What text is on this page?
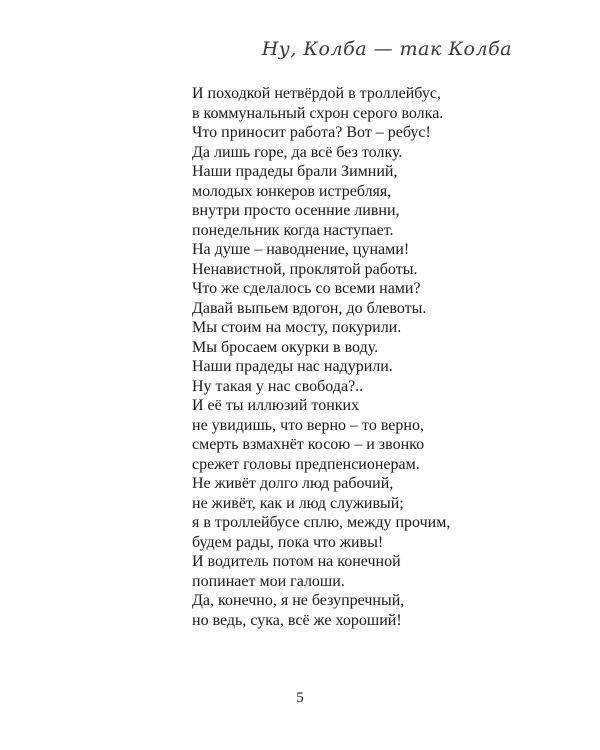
Ну, Колба — так Колба
И походкой нетвёрдой в троллейбус,
в коммунальный схрон серого волка.
Что приносит работа? Вот – ребус!
Да лишь горе, да всё без толку.
Наши прадеды брали Зимний,
молодых юнкеров истребляя,
внутри просто осенние ливни,
понедельник когда наступает.
На душе – наводнение, цунами!
Ненавистной, проклятой работы.
Что же сделалось со всеми нами?
Давай выпьем вдогон, до блевоты.
Мы стоим на мосту, покурили.
Мы бросаем окурки в воду.
Наши прадеды нас надурили.
Ну такая у нас свобода?..
И её ты иллюзий тонких
не увидишь, что верно – то верно,
смерть взмахнёт косою – и звонко
срежет головы предпенсионерам.
Не живёт долго люд рабочий,
не живёт, как и люд служивый;
я в троллейбусе сплю, между прочим,
будем рады, пока что живы!
И водитель потом на конечной
попинает мои галоши.
Да, конечно, я не безупречный,
но ведь, сука, всё же хороший!
5
